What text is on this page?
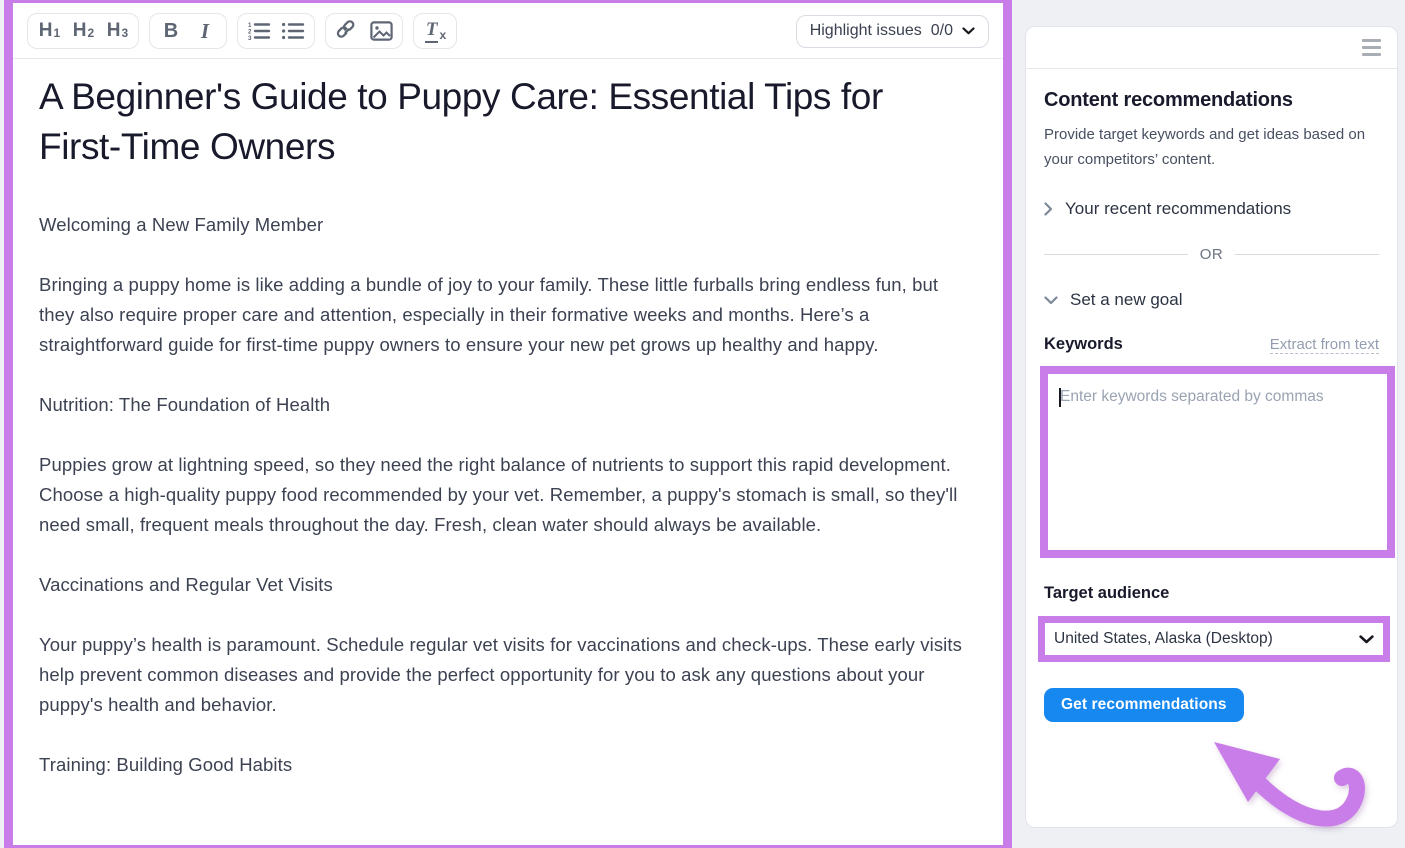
$H_1$ $H_2$ $H_3$	B	I	1
2
3	T x	Highlight issues 0/0
A Beginner's Guide to Puppy Care: Essential Tips for First-Time Owners

Welcoming a New Family Member

Bringing a puppy home is like adding a bundle of joy to your family. These little furballs bring endless fun, but they also require proper care and attention, especially in their formative weeks and months. Here’s a straightforward guide for first-time puppy owners to ensure your new pet grows up healthy and happy.

Nutrition: The Foundation of Health

Puppies grow at lightning speed, so they need the right balance of nutrients to support this rapid development. Choose a high-quality puppy food recommended by your vet. Remember, a puppy's stomach is small, so they'll need small, frequent meals throughout the day. Fresh, clean water should always be available.

Vaccinations and Regular Vet Visits

Your puppy’s health is paramount. Schedule regular vet visits for vaccinations and check-ups. These early visits help prevent common diseases and provide the perfect opportunity for you to ask any questions about your puppy's health and behavior.

Training: Building Good Habits

Content recommendations
Provide target keywords and get ideas based on your competitors’ content.
Your recent recommendations
OR
Set a new goal
Keywords	Extract from text
Enter keywords separated by commas
Target audience
United States, Alaska (Desktop)
Get recommendations
